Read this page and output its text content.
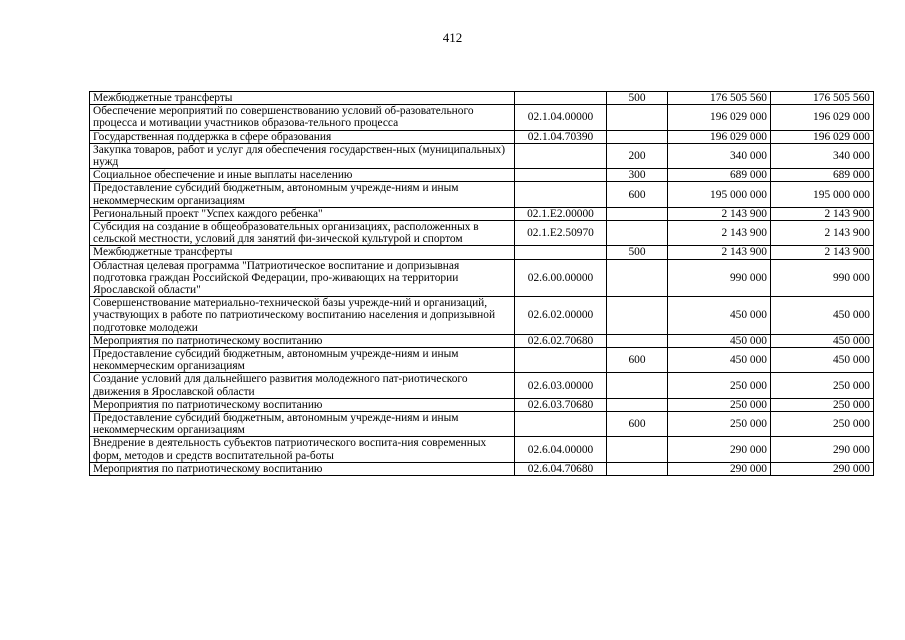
412
Межбюджетные трансферты		500	176 505 560	176 505 560
Обеспечение мероприятий по совершенствованию условий об-разовательного процесса и мотивации участников образова-тельного процесса	02.1.04.00000		196 029 000	196 029 000
Государственная поддержка в сфере образования	02.1.04.70390		196 029 000	196 029 000
Закупка товаров, работ и услуг для обеспечения государствен-ных (муниципальных) нужд		200	340 000	340 000
Социальное обеспечение и иные выплаты населению		300	689 000	689 000
Предоставление субсидий бюджетным, автономным учрежде-ниям и иным некоммерческим организациям		600	195 000 000	195 000 000
Региональный проект "Успех каждого ребенка"	02.1.E2.00000		2 143 900	2 143 900
Субсидия на создание в общеобразовательных организациях, расположенных в сельской местности, условий для занятий фи-зической культурой и спортом	02.1.E2.50970		2 143 900	2 143 900
Межбюджетные трансферты		500	2 143 900	2 143 900
Областная целевая программа "Патриотическое воспитание и допризывная подготовка граждан Российской Федерации, про-живающих на территории Ярославской области"	02.6.00.00000		990 000	990 000
Совершенствование материально-технической базы учрежде-ний и организаций, участвующих в работе по патриотическому воспитанию населения и допризывной подготовке молодежи	02.6.02.00000		450 000	450 000
Мероприятия по патриотическому воспитанию	02.6.02.70680		450 000	450 000
Предоставление субсидий бюджетным, автономным учрежде-ниям и иным некоммерческим организациям		600	450 000	450 000
Создание условий для дальнейшего развития молодежного пат-риотического движения в Ярославской области	02.6.03.00000		250 000	250 000
Мероприятия по патриотическому воспитанию	02.6.03.70680		250 000	250 000
Предоставление субсидий бюджетным, автономным учрежде-ниям и иным некоммерческим организациям		600	250 000	250 000
Внедрение в деятельность субъектов патриотического воспита-ния современных форм, методов и средств воспитательной ра-боты	02.6.04.00000		290 000	290 000
Мероприятия по патриотическому воспитанию	02.6.04.70680		290 000	290 000
